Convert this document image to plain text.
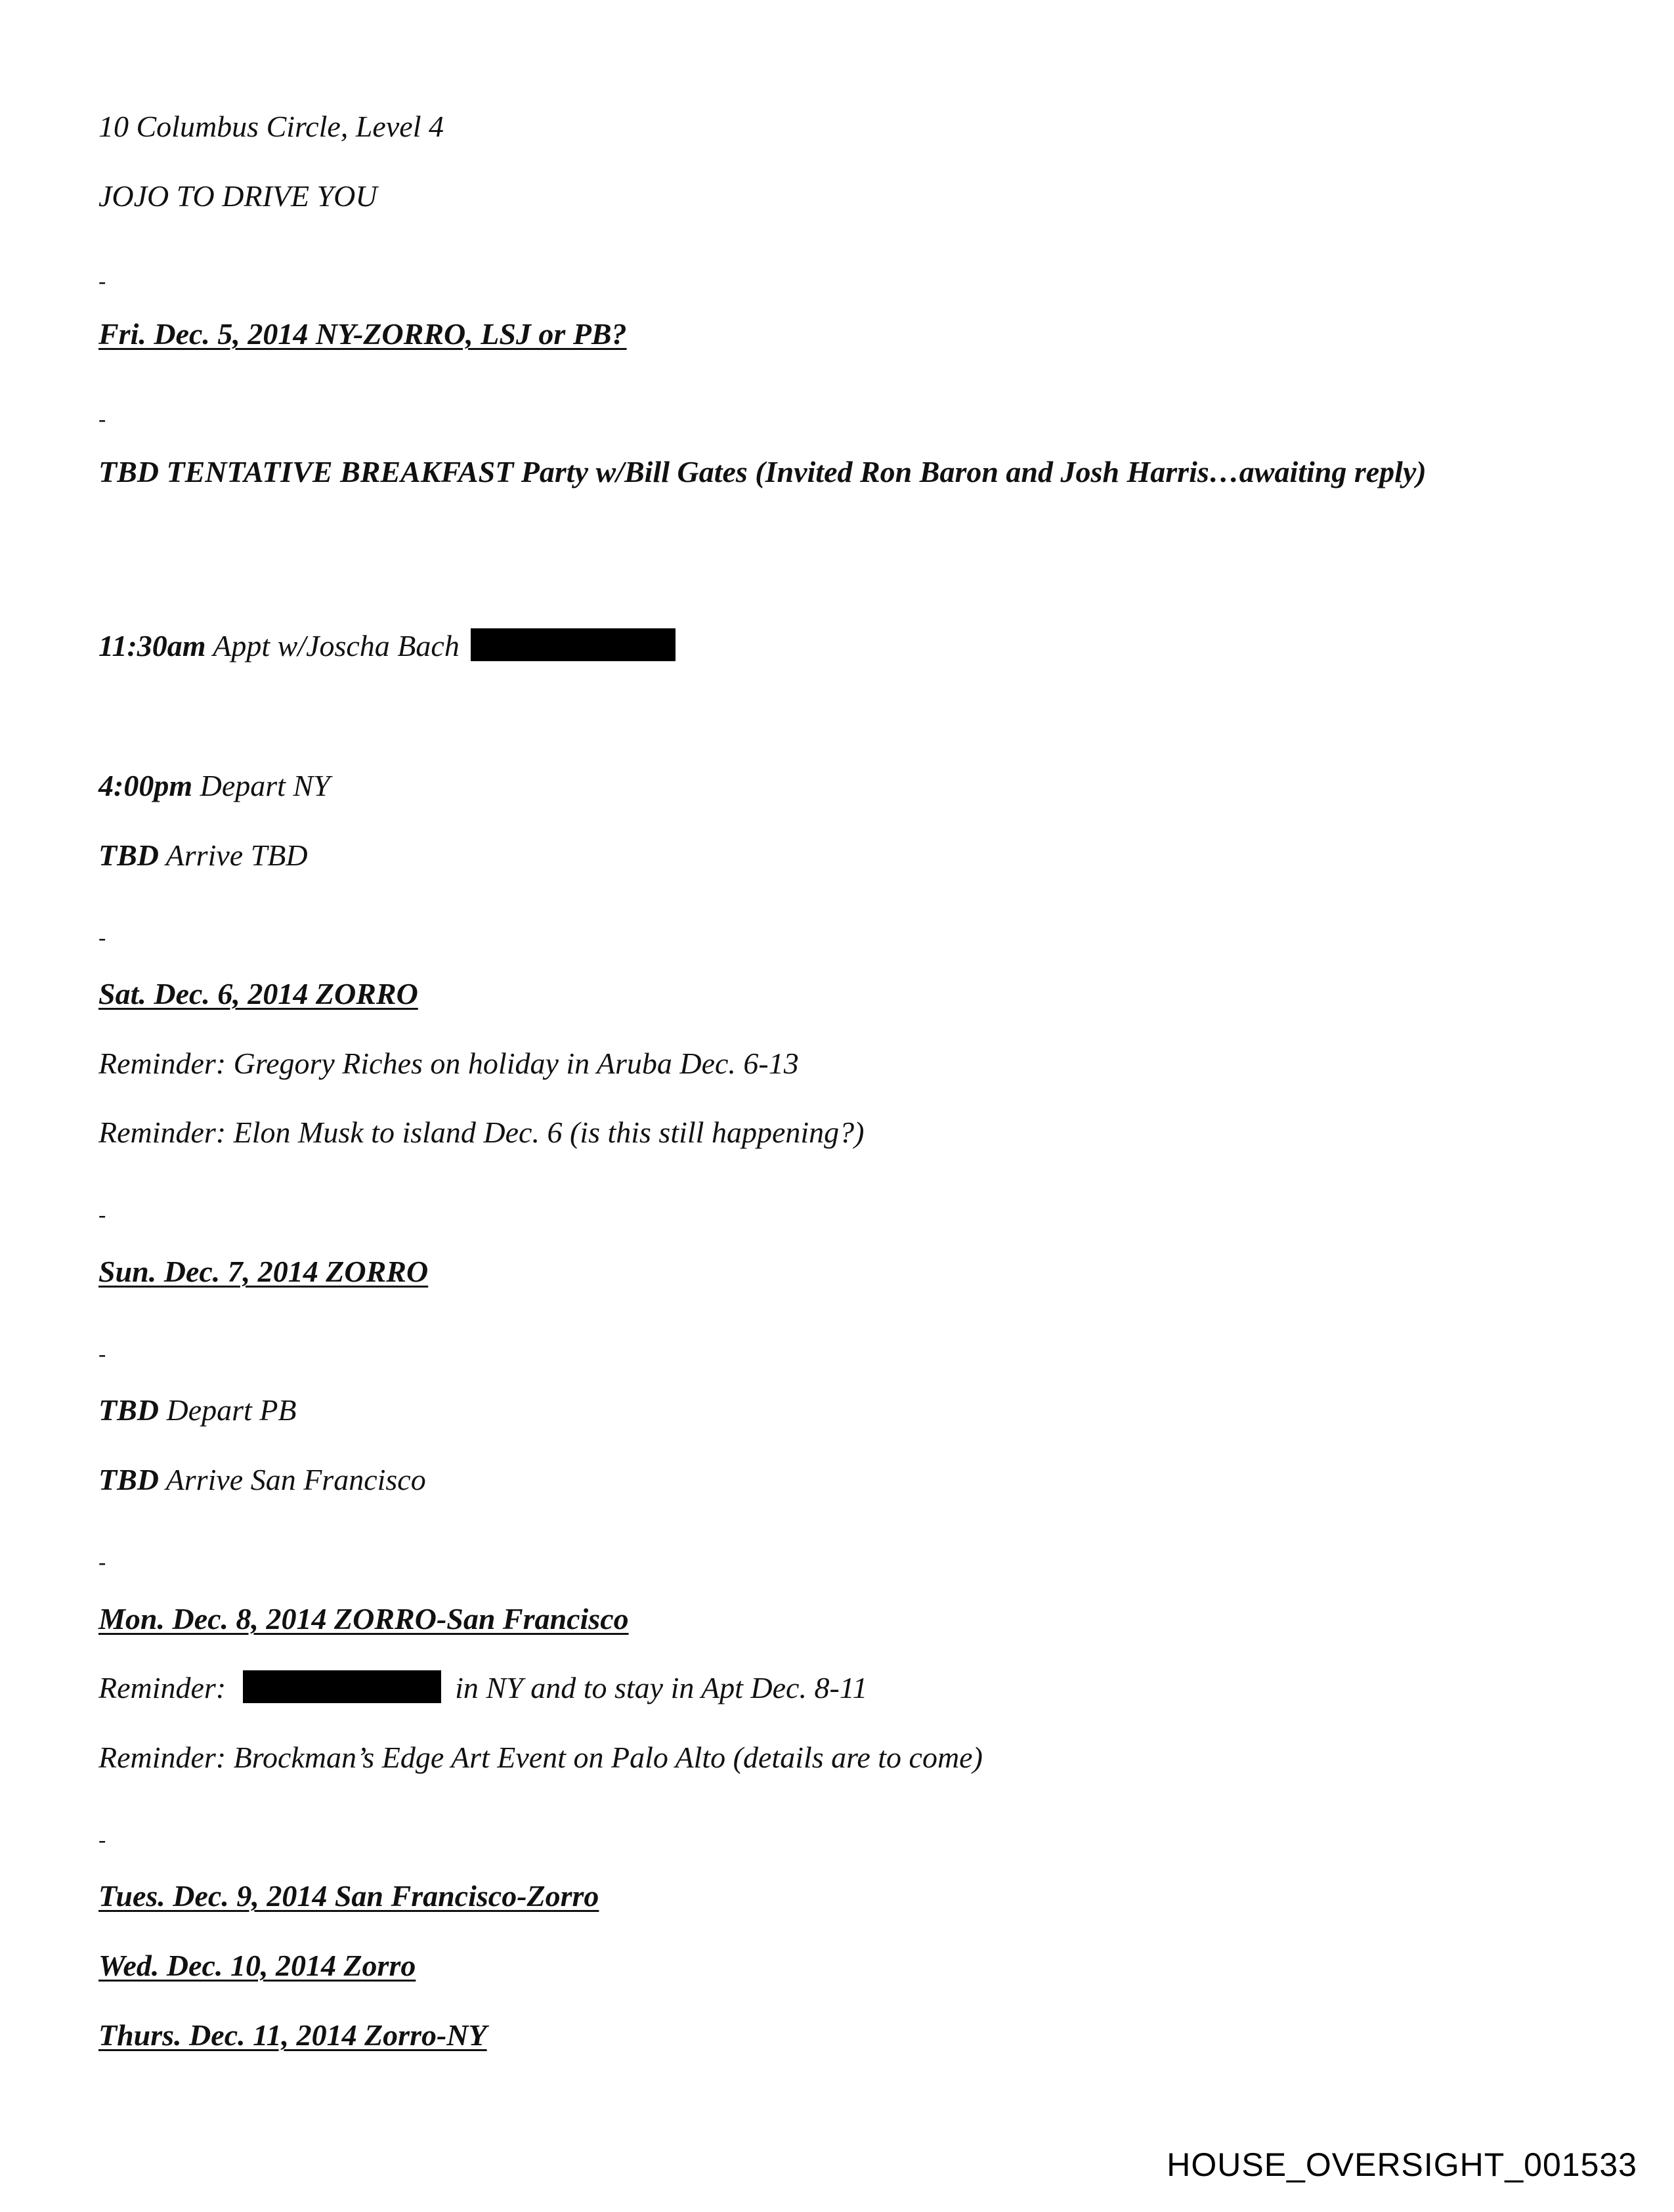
10 Columbus Circle, Level 4
JOJO TO DRIVE YOU
-
Fri. Dec. 5, 2014 NY-ZORRO, LSJ or PB?
-
TBD TENTATIVE BREAKFAST Party w/Bill Gates (Invited Ron Baron and Josh Harris…awaiting reply)
11:30am Appt w/Joscha Bach
4:00pm Depart NY
TBD Arrive TBD
-
Sat. Dec. 6, 2014 ZORRO
Reminder: Gregory Riches on holiday in Aruba Dec. 6-13
Reminder: Elon Musk to island Dec. 6 (is this still happening?)
-
Sun. Dec. 7, 2014 ZORRO
-
TBD Depart PB
TBD Arrive San Francisco
-
Mon. Dec. 8, 2014 ZORRO-San Francisco
Reminder:	in NY and to stay in Apt Dec. 8-11
Reminder: Brockman’s Edge Art Event on Palo Alto (details are to come)
-
Tues. Dec. 9, 2014 San Francisco-Zorro
Wed. Dec. 10, 2014 Zorro
Thurs. Dec. 11, 2014 Zorro-NY
HOUSE_OVERSIGHT_001533
